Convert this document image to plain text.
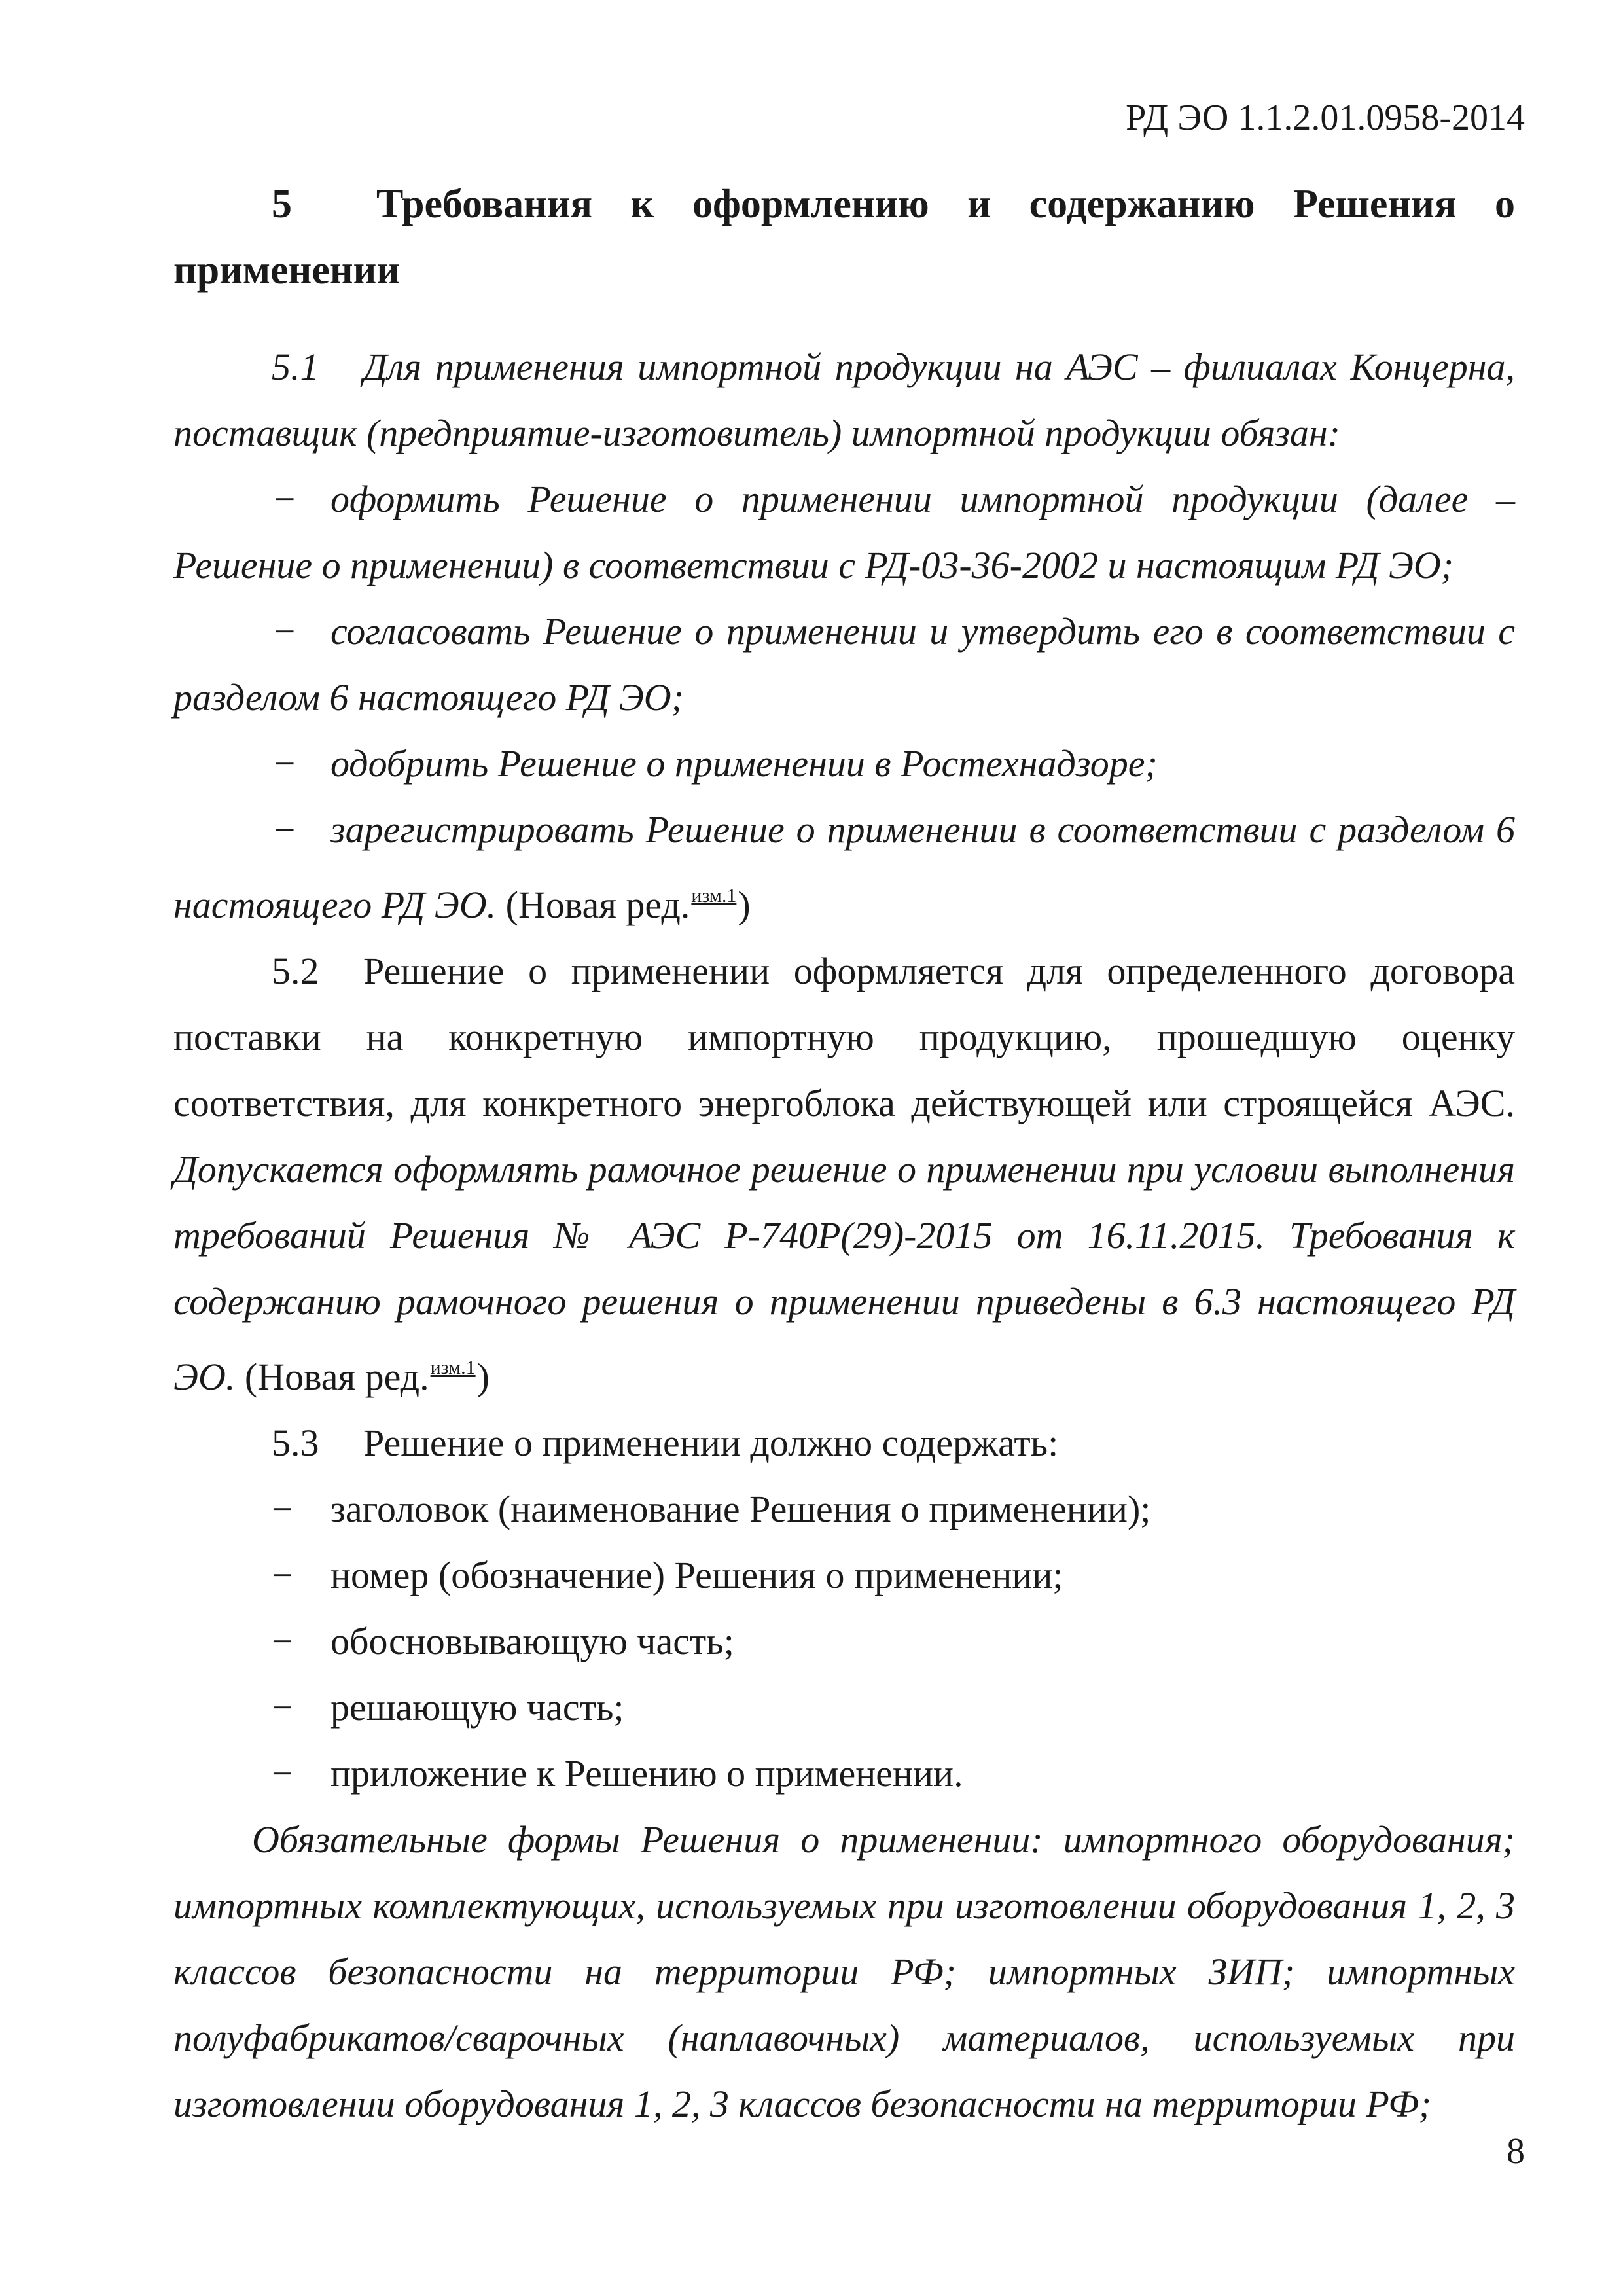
РД ЭО 1.1.2.01.0958-2014
5 Требования к оформлению и содержанию Решения о применении

5.1 Для применения импортной продукции на АЭС – филиалах Концерна, поставщик (предприятие-изготовитель) импортной продукции обязан:

− оформить Решение о применении импортной продукции (далее – Решение о применении) в соответствии с РД-03-36-2002 и настоящим РД ЭО;

− согласовать Решение о применении и утвердить его в соответствии с разделом 6 настоящего РД ЭО;

− одобрить Решение о применении в Ростехнадзоре;

− зарегистрировать Решение о применении в соответствии с разделом 6 настоящего РД ЭО. (Новая ред.$^{изм.1}$)

5.2 Решение о применении оформляется для определенного договора поставки на конкретную импортную продукцию, прошедшую оценку соответствия, для конкретного энергоблока действующей или строящейся АЭС. Допускается оформлять рамочное решение о применении при условии выполнения требований Решения № АЭС Р-740Р(29)-2015 от 16.11.2015. Требования к содержанию рамочного решения о применении приведены в 6.3 настоящего РД ЭО. (Новая ред.$^{изм.1}$)

5.3 Решение о применении должно содержать:

− заголовок (наименование Решения о применении);

− номер (обозначение) Решения о применении;

− обосновывающую часть;

− решающую часть;

− приложение к Решению о применении.

Обязательные формы Решения о применении: импортного оборудования; импортных комплектующих, используемых при изготовлении оборудования 1, 2, 3 классов безопасности на территории РФ; импортных ЗИП; импортных полуфабрикатов/сварочных (наплавочных) материалов, используемых при изготовлении оборудования 1, 2, 3 классов безопасности на территории РФ;

8
